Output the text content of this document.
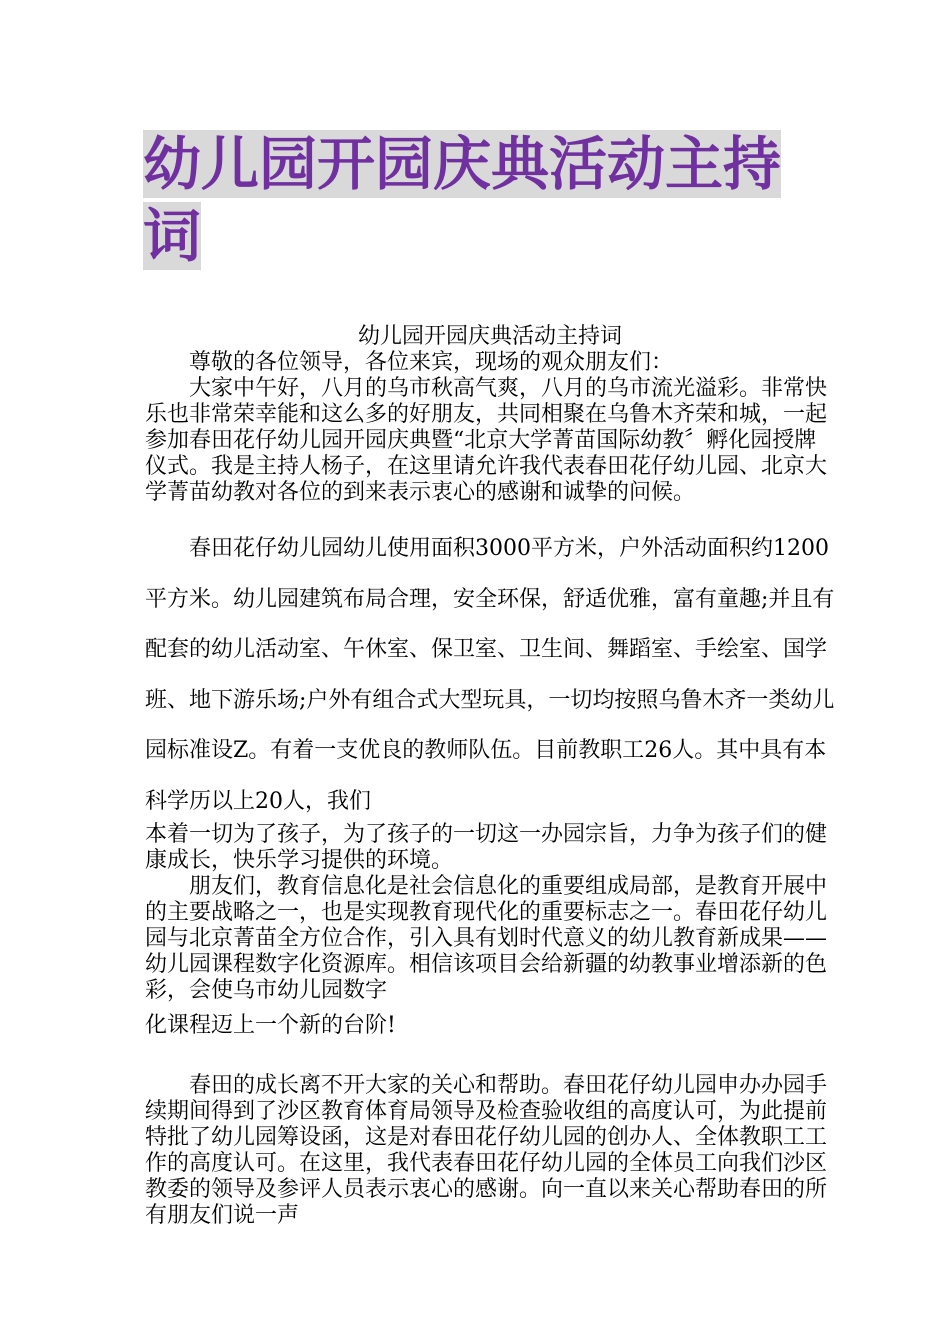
幼儿园开园庆典活动主持词

幼儿园开园庆典活动主持词

尊敬的各位领导，各位来宾，现场的观众朋友们：

大家中午好，八月的乌市秋高气爽，八月的乌市流光溢彩。非常快乐也非常荣幸能和这么多的好朋友，共同相聚在乌鲁木齐荣和城，一起参加春田花仔幼儿园开园庆典暨“北京大学菁苗国际幼教〞孵化园授牌仪式。我是主持人杨子，在这里请允许我代表春田花仔幼儿园、北京大学菁苗幼教对各位的到来表示衷心的感谢和诚挚的问候。

春田花仔幼儿园幼儿使用面积3000平方米，户外活动面积约1200平方米。幼儿园建筑布局合理，安全环保，舒适优雅，富有童趣;并且有配套的幼儿活动室、午休室、保卫室、卫生间、舞蹈室、手绘室、国学班、地下游乐场;户外有组合式大型玩具，一切均按照乌鲁木齐一类幼儿园标准设Z。有着一支优良的教师队伍。目前教职工26人。其中具有本科学历以上20人，我们

本着一切为了孩子，为了孩子的一切这一办园宗旨，力争为孩子们的健康成长，快乐学习提供的环境。

朋友们，教育信息化是社会信息化的重要组成局部，是教育开展中的主要战略之一，也是实现教育现代化的重要标志之一。春田花仔幼儿园与北京菁苗全方位合作，引入具有划时代意义的幼儿教育新成果——幼儿园课程数字化资源库。相信该项目会给新疆的幼教事业增添新的色彩，会使乌市幼儿园数字

化课程迈上一个新的台阶!

春田的成长离不开大家的关心和帮助。春田花仔幼儿园申办办园手续期间得到了沙区教育体育局领导及检查验收组的高度认可，为此提前特批了幼儿园筹设函，这是对春田花仔幼儿园的创办人、全体教职工工作的高度认可。在这里，我代表春田花仔幼儿园的全体员工向我们沙区教委的领导及参评人员表示衷心的感谢。向一直以来关心帮助春田的所有朋友们说一声
